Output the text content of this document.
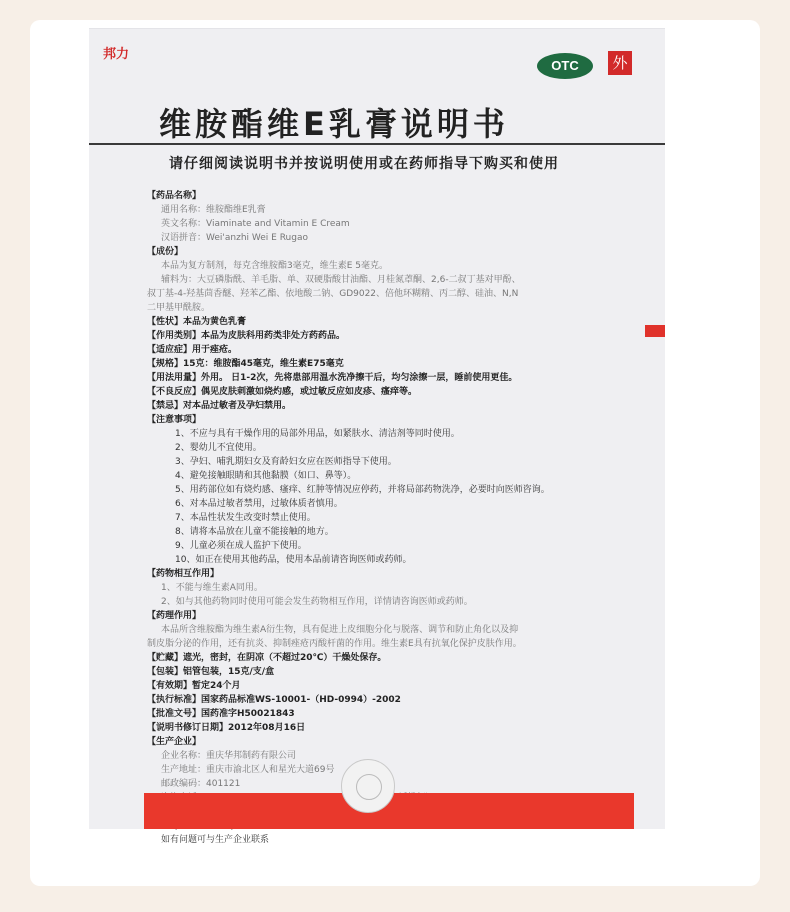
邦力
OTC	外
维胺酯维E乳膏说明书
请仔细阅读说明书并按说明使用或在药师指导下购买和使用
【药品名称】
通用名称：维胺酯维E乳膏
英文名称：Viaminate and Vitamin E Cream
汉语拼音：Wei'anzhi Wei E Rugao
【成份】
本品为复方制剂，每克含维胺酯3毫克，维生素E 5毫克。
辅料为：大豆磷脂酰、羊毛脂、单、双硬脂酸甘油酯、月桂氮䓬酮、2,6-二叔丁基对甲酚、
叔丁基-4-羟基茴香醚、羟苯乙酯、依地酸二钠、GD9022、倍他环糊精、丙二醇、硅油、N,N
二甲基甲酰胺。
【性状】本品为黄色乳膏
【作用类别】本品为皮肤科用药类非处方药药品。
【适应症】用于痤疮。
【规格】15克：维胺酯45毫克，维生素E75毫克
【用法用量】外用。 日1-2次，先将患部用温水洗净擦干后，均匀涂擦一层，睡前使用更佳。
【不良反应】偶见皮肤刺激如烧灼感，或过敏反应如皮疹、瘙痒等。
【禁忌】对本品过敏者及孕妇禁用。
【注意事项】
1、不应与具有干燥作用的局部外用品，如紧肤水、清洁剂等同时使用。
2、婴幼儿不宜使用。
3、孕妇、哺乳期妇女及育龄妇女应在医师指导下使用。
4、避免接触眼睛和其他黏膜（如口、鼻等）。
5、用药部位如有烧灼感、瘙痒、红肿等情况应停药，并将局部药物洗净，必要时向医师咨询。
6、对本品过敏者禁用，过敏体质者慎用。
7、本品性状发生改变时禁止使用。
8、请将本品放在儿童不能接触的地方。
9、儿童必须在成人监护下使用。
10、如正在使用其他药品，使用本品前请咨询医师或药师。
【药物相互作用】
1、不能与维生素A同用。
2、如与其他药物同时使用可能会发生药物相互作用，详情请咨询医师或药师。
【药理作用】
本品所含维胺酯为维生素A衍生物，具有促进上皮细胞分化与脱落、调节和防止角化以及抑
制皮脂分泌的作用，还有抗炎、抑制痤疮丙酸杆菌的作用。维生素E具有抗氧化保护皮肤作用。
【贮藏】遮光，密封，在阴凉（不超过20℃）干燥处保存。
【包装】铝管包装，15克/支/盒
【有效期】暂定24个月
【执行标准】国家药品标准WS-10001-（HD-0994）-2002
【批准文号】国药准字H50021843
【说明书修订日期】2012年08月16日
【生产企业】
企业名称：重庆华邦制药有限公司
生产地址：重庆市渝北区人和星光大道69号
邮政编码：401121
如有问题可与生产企业联系
